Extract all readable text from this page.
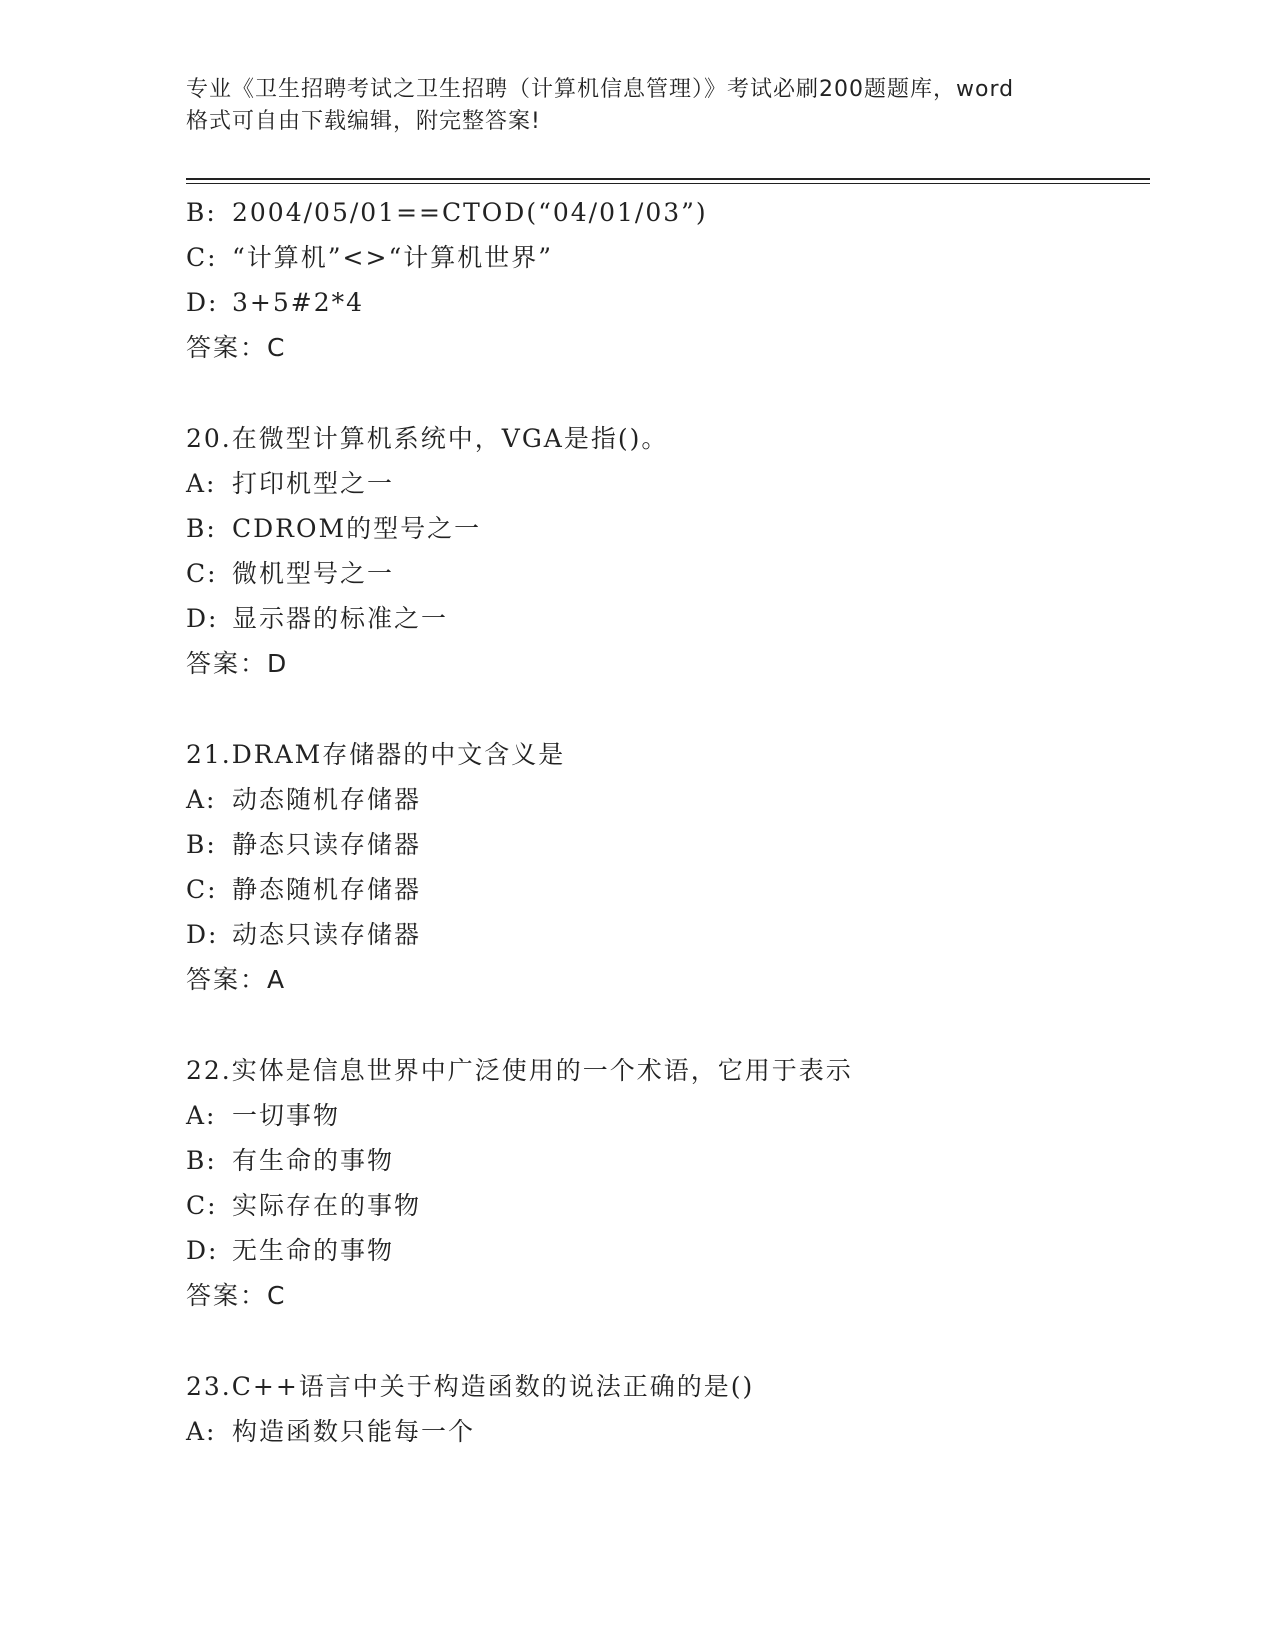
专业《卫生招聘考试之卫生招聘（计算机信息管理）》考试必刷200题题库，word
格式可自由下载编辑，附完整答案!
B: 2004/05/01==CTOD(“04/01/03”)
C: “计算机”<>“计算机世界”
D: 3+5#2*4
答案：C
20.在微型计算机系统中，VGA是指()。
A: 打印机型之一
B: CDROM的型号之一
C: 微机型号之一
D: 显示器的标准之一
答案：D
21.DRAM存储器的中文含义是
A: 动态随机存储器
B: 静态只读存储器
C: 静态随机存储器
D: 动态只读存储器
答案：A
22.实体是信息世界中广泛使用的一个术语，它用于表示
A: 一切事物
B: 有生命的事物
C: 实际存在的事物
D: 无生命的事物
答案：C
23.C++语言中关于构造函数的说法正确的是()
A: 构造函数只能每一个
